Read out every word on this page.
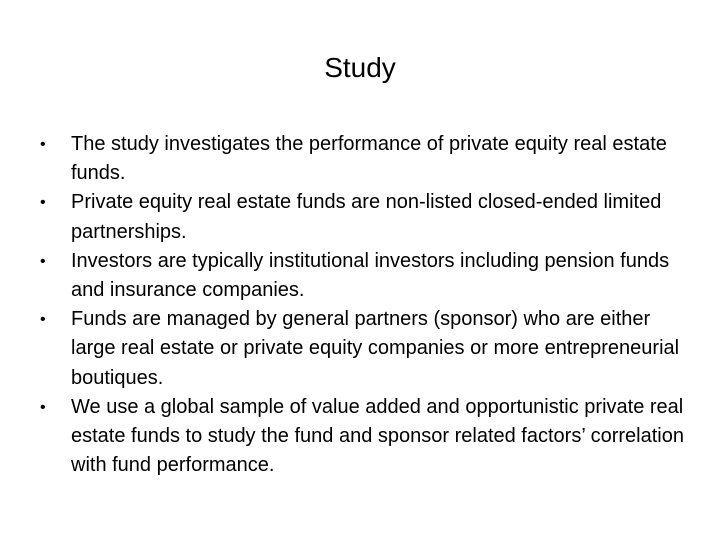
Study
• The study investigates the performance of private equity real estate funds.
• Private equity real estate funds are non-listed closed-ended limited partnerships.
• Investors are typically institutional investors including pension funds and insurance companies.
• Funds are managed by general partners (sponsor) who are either large real estate or private equity companies or more entrepreneurial boutiques.
• We use a global sample of value added and opportunistic private real estate funds to study the fund and sponsor related factors’ correlation with fund performance.
